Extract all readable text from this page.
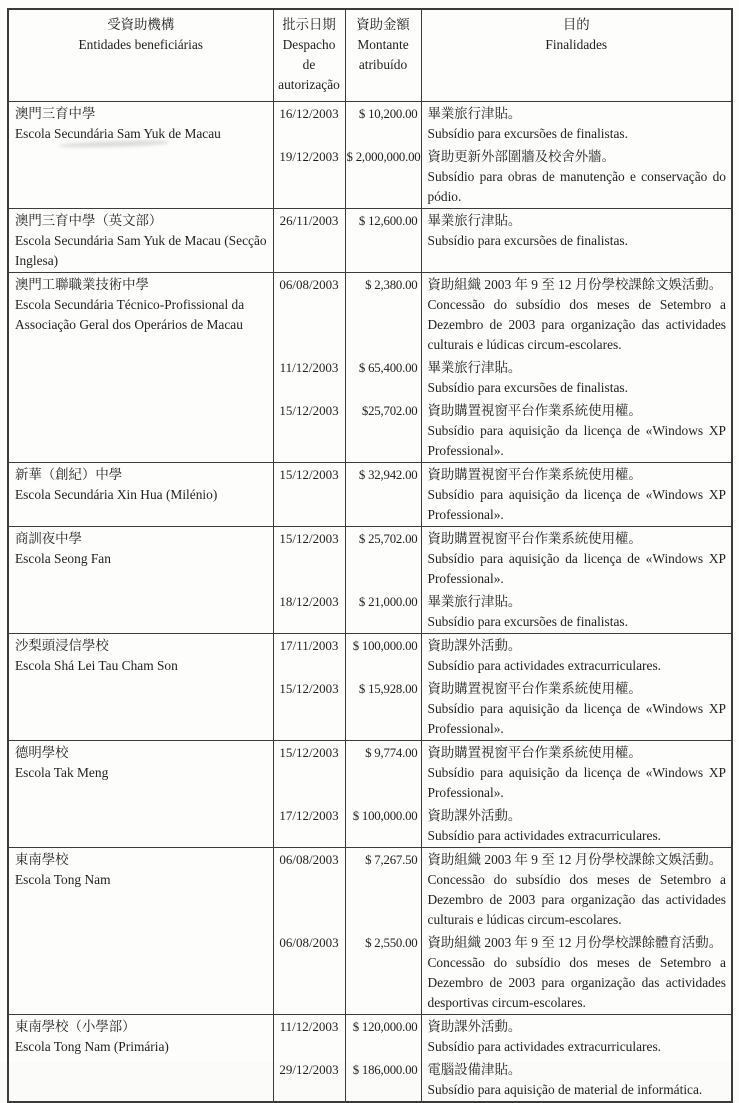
受資助機構
Entidades beneficiárias

批示日期
Despacho de autorização

資助金額
Montante atribuído

目的
Finalidades

澳門三育中學
Escola Secundária Sam Yuk de Macau
	16/12/2003	$ 10,200.00	畢業旅行津貼。
Subsídio para excursões de finalistas.

	19/12/2003	$ 2,000,000.00	資助更新外部圍牆及校舍外牆。
Subsídio para obras de manutenção e conservação do pódio.

澳門三育中學（英文部）
Escola Secundária Sam Yuk de Macau (Secção Inglesa)
	26/11/2003	$ 12,600.00	畢業旅行津貼。
Subsídio para excursões de finalistas.

澳門工聯職業技術中學
Escola Secundária Técnico-Profissional da Associação Geral dos Operários de Macau
	06/08/2003	$ 2,380.00	資助組織 2003 年 9 至 12 月份學校課餘文娛活動。
Concessão do subsídio dos meses de Setembro a Dezembro de 2003 para organização das actividades culturais e lúdicas circum-escolares.

	11/12/2003	$ 65,400.00	畢業旅行津貼。
Subsídio para excursões de finalistas.

	15/12/2003	$25,702.00	資助購置視窗平台作業系統使用權。
Subsídio para aquisição da licença de «Windows XP Professional».

新華（創紀）中學
Escola Secundária Xin Hua (Milénio)
	15/12/2003	$ 32,942.00	資助購置視窗平台作業系統使用權。
Subsídio para aquisição da licença de «Windows XP Professional».

商訓夜中學
Escola Seong Fan
	15/12/2003	$ 25,702.00	資助購置視窗平台作業系統使用權。
Subsídio para aquisição da licença de «Windows XP Professional».

	18/12/2003	$ 21,000.00	畢業旅行津貼。
Subsídio para excursões de finalistas.

沙梨頭浸信學校
Escola Shá Lei Tau Cham Son
	17/11/2003	$ 100,000.00	資助課外活動。
Subsídio para actividades extracurriculares.

	15/12/2003	$ 15,928.00	資助購置視窗平台作業系統使用權。
Subsídio para aquisição da licença de «Windows XP Professional».

德明學校
Escola Tak Meng
	15/12/2003	$ 9,774.00	資助購置視窗平台作業系統使用權。
Subsídio para aquisição da licença de «Windows XP Professional».

	17/12/2003	$ 100,000.00	資助課外活動。
Subsídio para actividades extracurriculares.

東南學校
Escola Tong Nam
	06/08/2003	$ 7,267.50	資助組織 2003 年 9 至 12 月份學校課餘文娛活動。
Concessão do subsídio dos meses de Setembro a Dezembro de 2003 para organização das actividades culturais e lúdicas circum-escolares.

	06/08/2003	$ 2,550.00	資助組織 2003 年 9 至 12 月份學校課餘體育活動。
Concessão do subsídio dos meses de Setembro a Dezembro de 2003 para organização das actividades desportivas circum-escolares.

東南學校（小學部）
Escola Tong Nam (Primária)
	11/12/2003	$ 120,000.00	資助課外活動。
Subsídio para actividades extracurriculares.

	29/12/2003	$ 186,000.00	電腦設備津貼。
Subsídio para aquisição de material de informática.
